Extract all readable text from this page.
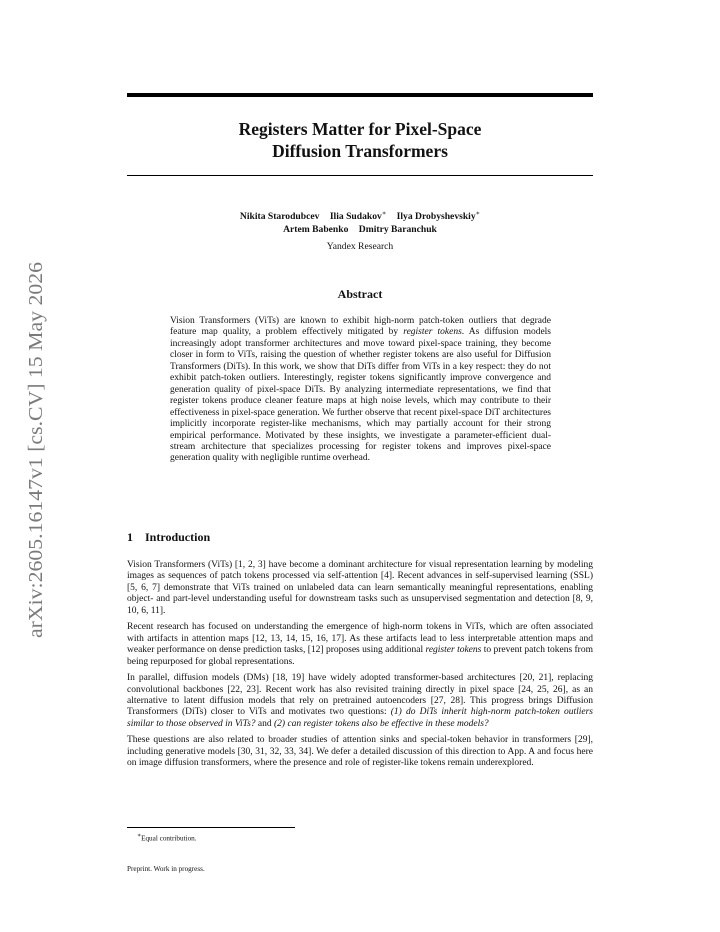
arXiv:2605.16147v1 [cs.CV] 15 May 2026
Registers Matter for Pixel-Space
Diffusion Transformers
Nikita Starodubcev Ilia Sudakov∗ Ilya Drobyshevskiy∗
Artem Babenko Dmitry Baranchuk
Yandex Research
Abstract
Vision Transformers (ViTs) are known to exhibit high-norm patch-token outliers that degrade feature map quality, a problem effectively mitigated by register tokens. As diffusion models increasingly adopt transformer architectures and move toward pixel-space training, they become closer in form to ViTs, raising the question of whether register tokens are also useful for Diffusion Transformers (DiTs). In this work, we show that DiTs differ from ViTs in a key respect: they do not exhibit patch-token outliers. Interestingly, register tokens significantly improve convergence and generation quality of pixel-space DiTs. By analyzing intermediate representations, we find that register tokens produce cleaner feature maps at high noise levels, which may contribute to their effectiveness in pixel-space generation. We further observe that recent pixel-space DiT architectures implicitly incorporate register-like mechanisms, which may partially account for their strong empirical performance. Motivated by these insights, we investigate a parameter-efficient dual-stream architecture that specializes processing for register tokens and improves pixel-space generation quality with negligible runtime overhead.
1 Introduction

Vision Transformers (ViTs) [1, 2, 3] have become a dominant architecture for visual representation learning by modeling images as sequences of patch tokens processed via self-attention [4]. Recent advances in self-supervised learning (SSL) [5, 6, 7] demonstrate that ViTs trained on unlabeled data can learn semantically meaningful representations, enabling object- and part-level understanding useful for downstream tasks such as unsupervised segmentation and detection [8, 9, 10, 6, 11].

Recent research has focused on understanding the emergence of high-norm tokens in ViTs, which are often associated with artifacts in attention maps [12, 13, 14, 15, 16, 17]. As these artifacts lead to less interpretable attention maps and weaker performance on dense prediction tasks, [12] proposes using additional register tokens to prevent patch tokens from being repurposed for global representations.

In parallel, diffusion models (DMs) [18, 19] have widely adopted transformer-based architectures [20, 21], replacing convolutional backbones [22, 23]. Recent work has also revisited training directly in pixel space [24, 25, 26], as an alternative to latent diffusion models that rely on pretrained autoencoders [27, 28]. This progress brings Diffusion Transformers (DiTs) closer to ViTs and motivates two questions: (1) do DiTs inherit high-norm patch-token outliers similar to those observed in ViTs? and (2) can register tokens also be effective in these models?

These questions are also related to broader studies of attention sinks and special-token behavior in transformers [29], including generative models [30, 31, 32, 33, 34]. We defer a detailed discussion of this direction to App. A and focus here on image diffusion transformers, where the presence and role of register-like tokens remain underexplored.

∗Equal contribution.
Preprint. Work in progress.
